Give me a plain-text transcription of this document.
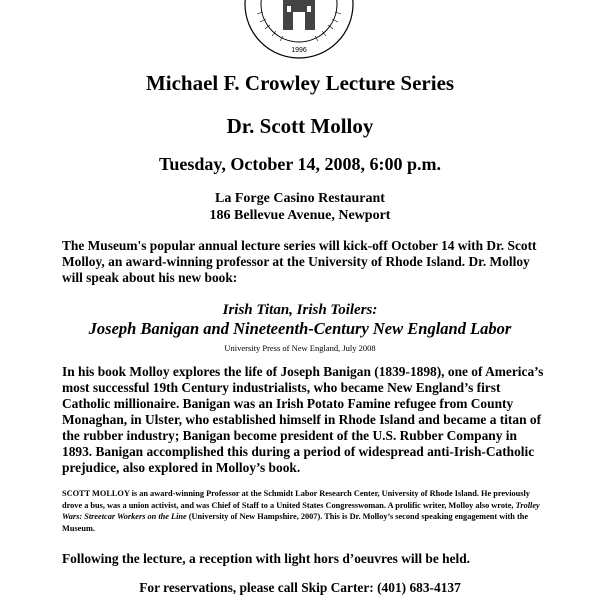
1996
Michael F. Crowley Lecture Series
Dr. Scott Molloy
Tuesday, October 14, 2008, 6:00 p.m.
La Forge Casino Restaurant
186 Bellevue Avenue, Newport

The Museum's popular annual lecture series will kick-off October 14 with Dr. Scott Molloy, an award-winning professor at the University of Rhode Island. Dr. Molloy will speak about his new book:

Irish Titan, Irish Toilers:
Joseph Banigan and Nineteenth-Century New England Labor

University Press of New England, July 2008

In his book Molloy explores the life of Joseph Banigan (1839-1898), one of America’s most successful 19th Century industrialists, who became New England’s first Catholic millionaire. Banigan was an Irish Potato Famine refugee from County Monaghan, in Ulster, who established himself in Rhode Island and became a titan of the rubber industry; Banigan become president of the U.S. Rubber Company in 1893. Banigan accomplished this during a period of widespread anti-Irish-Catholic prejudice, also explored in Molloy’s book.

SCOTT MOLLOY is an award-winning Professor at the Schmidt Labor Research Center, University of Rhode Island. He previously drove a bus, was a union activist, and was Chief of Staff to a United States Congresswoman. A prolific writer, Molloy also wrote, Trolley Wars: Streetcar Workers on the Line (University of New Hampshire, 2007). This is Dr. Molloy’s second speaking engagement with the Museum.

Following the lecture, a reception with light hors d’oeuvres will be held.

For reservations, please call Skip Carter: (401) 683-4137
